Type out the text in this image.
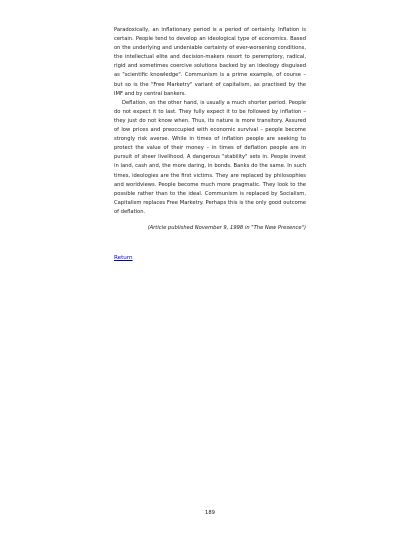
Paradoxically, an inflationary period is a period of certainty. Inflation is certain. People tend to develop an ideological type of economics. Based on the underlying and undeniable certainty of ever-worsening conditions, the intellectual elite and decision-makers resort to peremptory, radical, rigid and sometimes coercive solutions backed by an ideology disguised as "scientific knowledge". Communism is a prime example, of course – but so is the "Free Marketry" variant of capitalism, as practised by the IMF and by central bankers.

Deflation, on the other hand, is usually a much shorter period. People do not expect it to last. They fully expect it to be followed by inflation – they just do not know when. Thus, its nature is more transitory. Assured of low prices and preoccupied with economic survival – people become strongly risk averse. While in times of inflation people are seeking to protect the value of their money – in times of deflation people are in pursuit of sheer livelihood. A dangerous "stability" sets in. People invest in land, cash and, the more daring, in bonds. Banks do the same. In such times, ideologies are the first victims. They are replaced by philosophies and worldviews. People become much more pragmatic. They look to the possible rather than to the ideal. Communism is replaced by Socialism, Capitalism replaces Free Marketry. Perhaps this is the only good outcome of deflation.

(Article published November 9, 1998 in "The New Presence")
Return
189
